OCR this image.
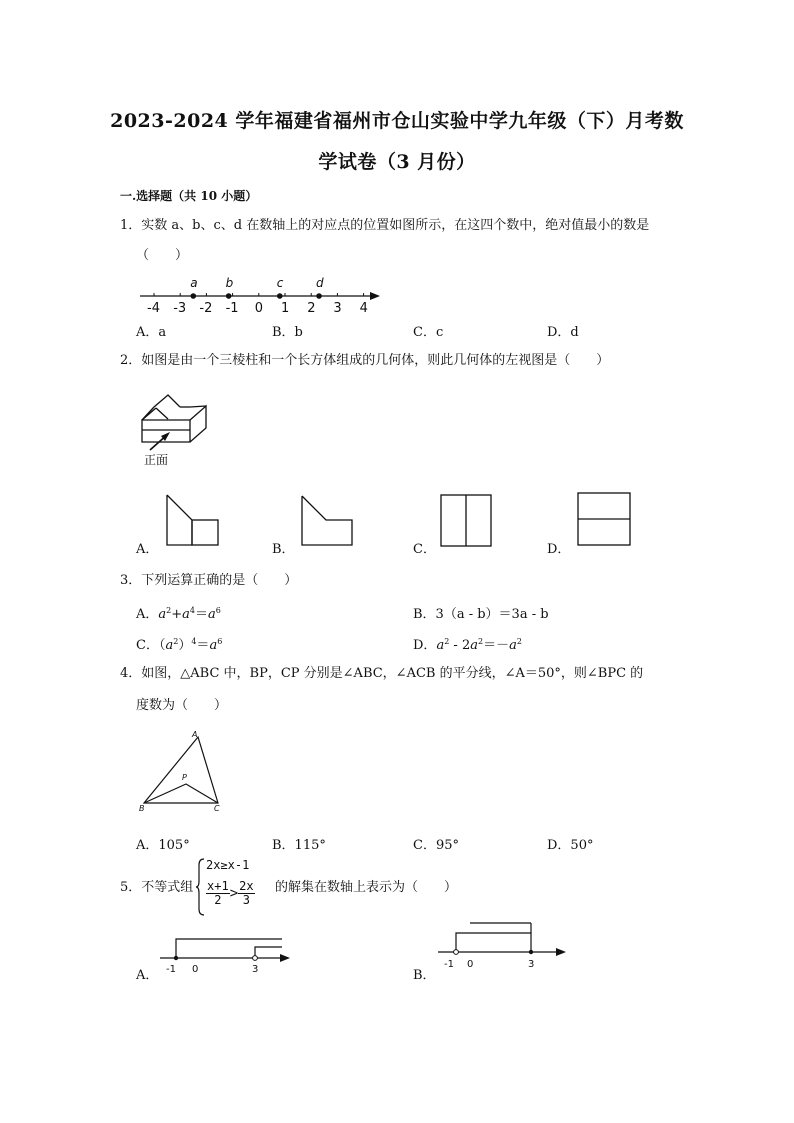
2023-2024 学年福建省福州市仓山实验中学九年级（下）月考数
学试卷（3 月份）
一.选择题（共 10 小题）
1．实数 a、b、c、d 在数轴上的对应点的位置如图所示，在这四个数中，绝对值最小的数是
（　　）
-4 -3 -2 -1 0 1 2 3 4
a b	c	d
A．a	B．b	C．c	D．d
2．如图是由一个三棱柱和一个长方体组成的几何体，则此几何体的左视图是（　　）
正面
A．	B．	C．	D．
3．下列运算正确的是（　　）
A．$a^2+a^4=a^6$	B．3（a - b）＝3a - b
C．$(a^2)^4=a^6$	D．$a^2 - 2a^2=-a^2$
4．如图，△ABC 中，BP，CP 分别是∠ABC，∠ACB 的平分线，∠A＝50°，则∠BPC 的
度数为（　　）
A
B	C
P
A．105°	B．115°	C．95°	D．50°
5．不等式组
2x≥x-1
$\frac{x+1}{2} > \frac{2x}{3}$ 的解集在数轴上表示为（　　）
A． -1 0	3	B．
-1 0	3
